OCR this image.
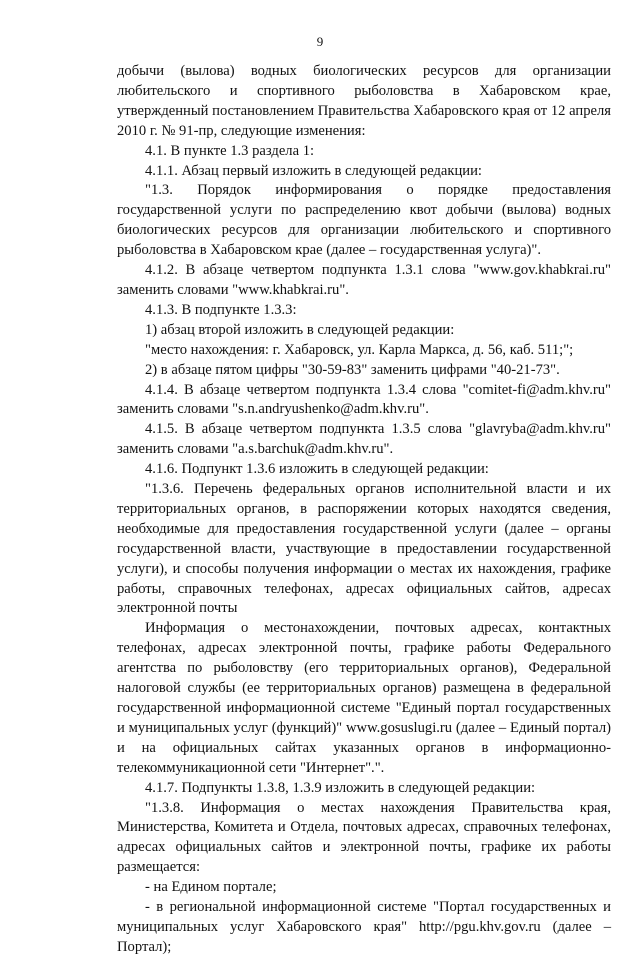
9

добычи (вылова) водных биологических ресурсов для организации любительского и спортивного рыболовства в Хабаровском крае, утвержденный постановлением Правительства Хабаровского края от 12 апреля 2010 г. № 91-пр, следующие изменения:

4.1. В пункте 1.3 раздела 1:

4.1.1. Абзац первый изложить в следующей редакции:

"1.3. Порядок информирования о порядке предоставления государственной услуги по распределению квот добычи (вылова) водных биологических ресурсов для организации любительского и спортивного рыболовства в Хабаровском крае (далее – государственная услуга)".

4.1.2. В абзаце четвертом подпункта 1.3.1 слова "www.gov.khabkrai.ru" заменить словами "www.khabkrai.ru".

4.1.3. В подпункте 1.3.3:

1) абзац второй изложить в следующей редакции:

"место нахождения: г. Хабаровск, ул. Карла Маркса, д. 56, каб. 511;";

2) в абзаце пятом цифры "30-59-83" заменить цифрами "40-21-73".

4.1.4. В абзаце четвертом подпункта 1.3.4 слова "comitet-fi@adm.khv.ru" заменить словами "s.n.andryushenko@adm.khv.ru".

4.1.5. В абзаце четвертом подпункта 1.3.5 слова "glavryba@adm.khv.ru" заменить словами "a.s.barchuk@adm.khv.ru".

4.1.6. Подпункт 1.3.6 изложить в следующей редакции:

"1.3.6. Перечень федеральных органов исполнительной власти и их территориальных органов, в распоряжении которых находятся сведения, необходимые для предоставления государственной услуги (далее – органы государственной власти, участвующие в предоставлении государственной услуги), и способы получения информации о местах их нахождения, графике работы, справочных телефонах, адресах официальных сайтов, адресах электронной почты

Информация о местонахождении, почтовых адресах, контактных телефонах, адресах электронной почты, графике работы Федерального агентства по рыболовству (его территориальных органов), Федеральной налоговой службы (ее территориальных органов) размещена в федеральной государственной информационной системе "Единый портал государственных и муниципальных услуг (функций)" www.gosuslugi.ru (далее – Единый портал) и на официальных сайтах указанных органов в информационно-телекоммуникационной сети "Интернет".".

4.1.7. Подпункты 1.3.8, 1.3.9 изложить в следующей редакции:

"1.3.8. Информация о местах нахождения Правительства края, Министерства, Комитета и Отдела, почтовых адресах, справочных телефонах, адресах официальных сайтов и электронной почты, графике их работы размещается:

- на Едином портале;

- в региональной информационной системе "Портал государственных и муниципальных услуг Хабаровского края" http://pgu.khv.gov.ru (далее – Портал);
